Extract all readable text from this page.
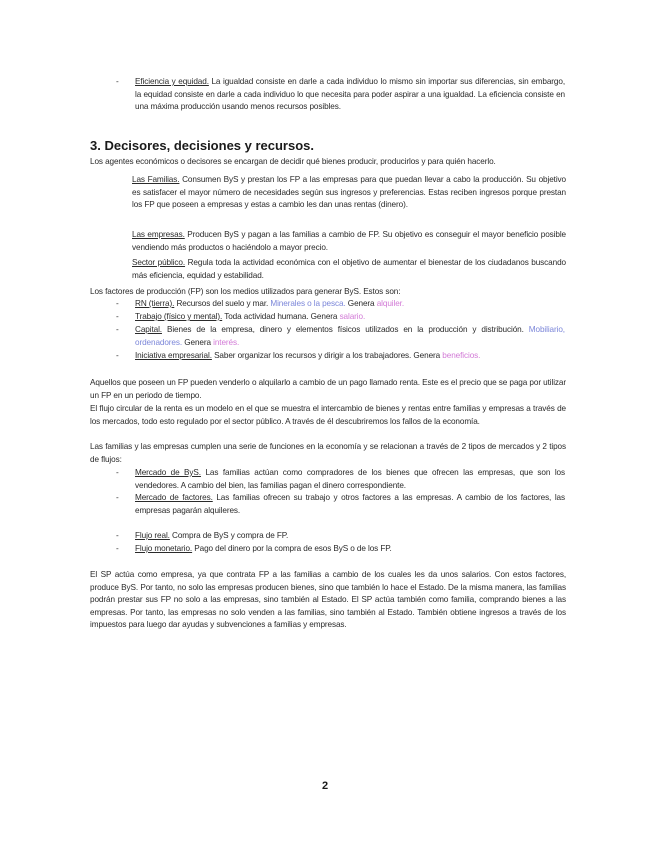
- Eficiencia y equidad. La igualdad consiste en darle a cada individuo lo mismo sin importar sus diferencias, sin embargo, la equidad consiste en darle a cada individuo lo que necesita para poder aspirar a una igualdad. La eficiencia consiste en una máxima producción usando menos recursos posibles.
3. Decisores, decisiones y recursos.
Los agentes económicos o decisores se encargan de decidir qué bienes producir, producirlos y para quién hacerlo.
Las Familias. Consumen ByS y prestan los FP a las empresas para que puedan llevar a cabo la producción. Su objetivo es satisfacer el mayor número de necesidades según sus ingresos y preferencias. Estas reciben ingresos porque prestan los FP que poseen a empresas y estas a cambio les dan unas rentas (dinero).
Las empresas. Producen ByS y pagan a las familias a cambio de FP. Su objetivo es conseguir el mayor beneficio posible vendiendo más productos o haciéndolo a mayor precio.
Sector público. Regula toda la actividad económica con el objetivo de aumentar el bienestar de los ciudadanos buscando más eficiencia, equidad y estabilidad.
Los factores de producción (FP) son los medios utilizados para generar ByS. Estos son:
- RN (tierra). Recursos del suelo y mar. Minerales o la pesca. Genera alquiler.
- Trabajo (físico y mental). Toda actividad humana. Genera salario.
- Capital. Bienes de la empresa, dinero y elementos físicos utilizados en la producción y distribución. Mobiliario, ordenadores. Genera interés.
- Iniciativa empresarial. Saber organizar los recursos y dirigir a los trabajadores. Genera beneficios.
Aquellos que poseen un FP pueden venderlo o alquilarlo a cambio de un pago llamado renta. Este es el precio que se paga por utilizar un FP en un periodo de tiempo.
El flujo circular de la renta es un modelo en el que se muestra el intercambio de bienes y rentas entre familias y empresas a través de los mercados, todo esto regulado por el sector público. A través de él descubriremos los fallos de la economía.
Las familias y las empresas cumplen una serie de funciones en la economía y se relacionan a través de 2 tipos de mercados y 2 tipos de flujos:
- Mercado de ByS. Las familias actúan como compradores de los bienes que ofrecen las empresas, que son los vendedores. A cambio del bien, las familias pagan el dinero correspondiente.
- Mercado de factores. Las familias ofrecen su trabajo y otros factores a las empresas. A cambio de los factores, las empresas pagarán alquileres.
- Flujo real. Compra de ByS y compra de FP.
- Flujo monetario. Pago del dinero por la compra de esos ByS o de los FP.
El SP actúa como empresa, ya que contrata FP a las familias a cambio de los cuales les da unos salarios. Con estos factores, produce ByS. Por tanto, no solo las empresas producen bienes, sino que también lo hace el Estado. De la misma manera, las familias podrán prestar sus FP no solo a las empresas, sino también al Estado. El SP actúa también como familia, comprando bienes a las empresas. Por tanto, las empresas no solo venden a las familias, sino también al Estado. También obtiene ingresos a través de los impuestos para luego dar ayudas y subvenciones a familias y empresas.
2
